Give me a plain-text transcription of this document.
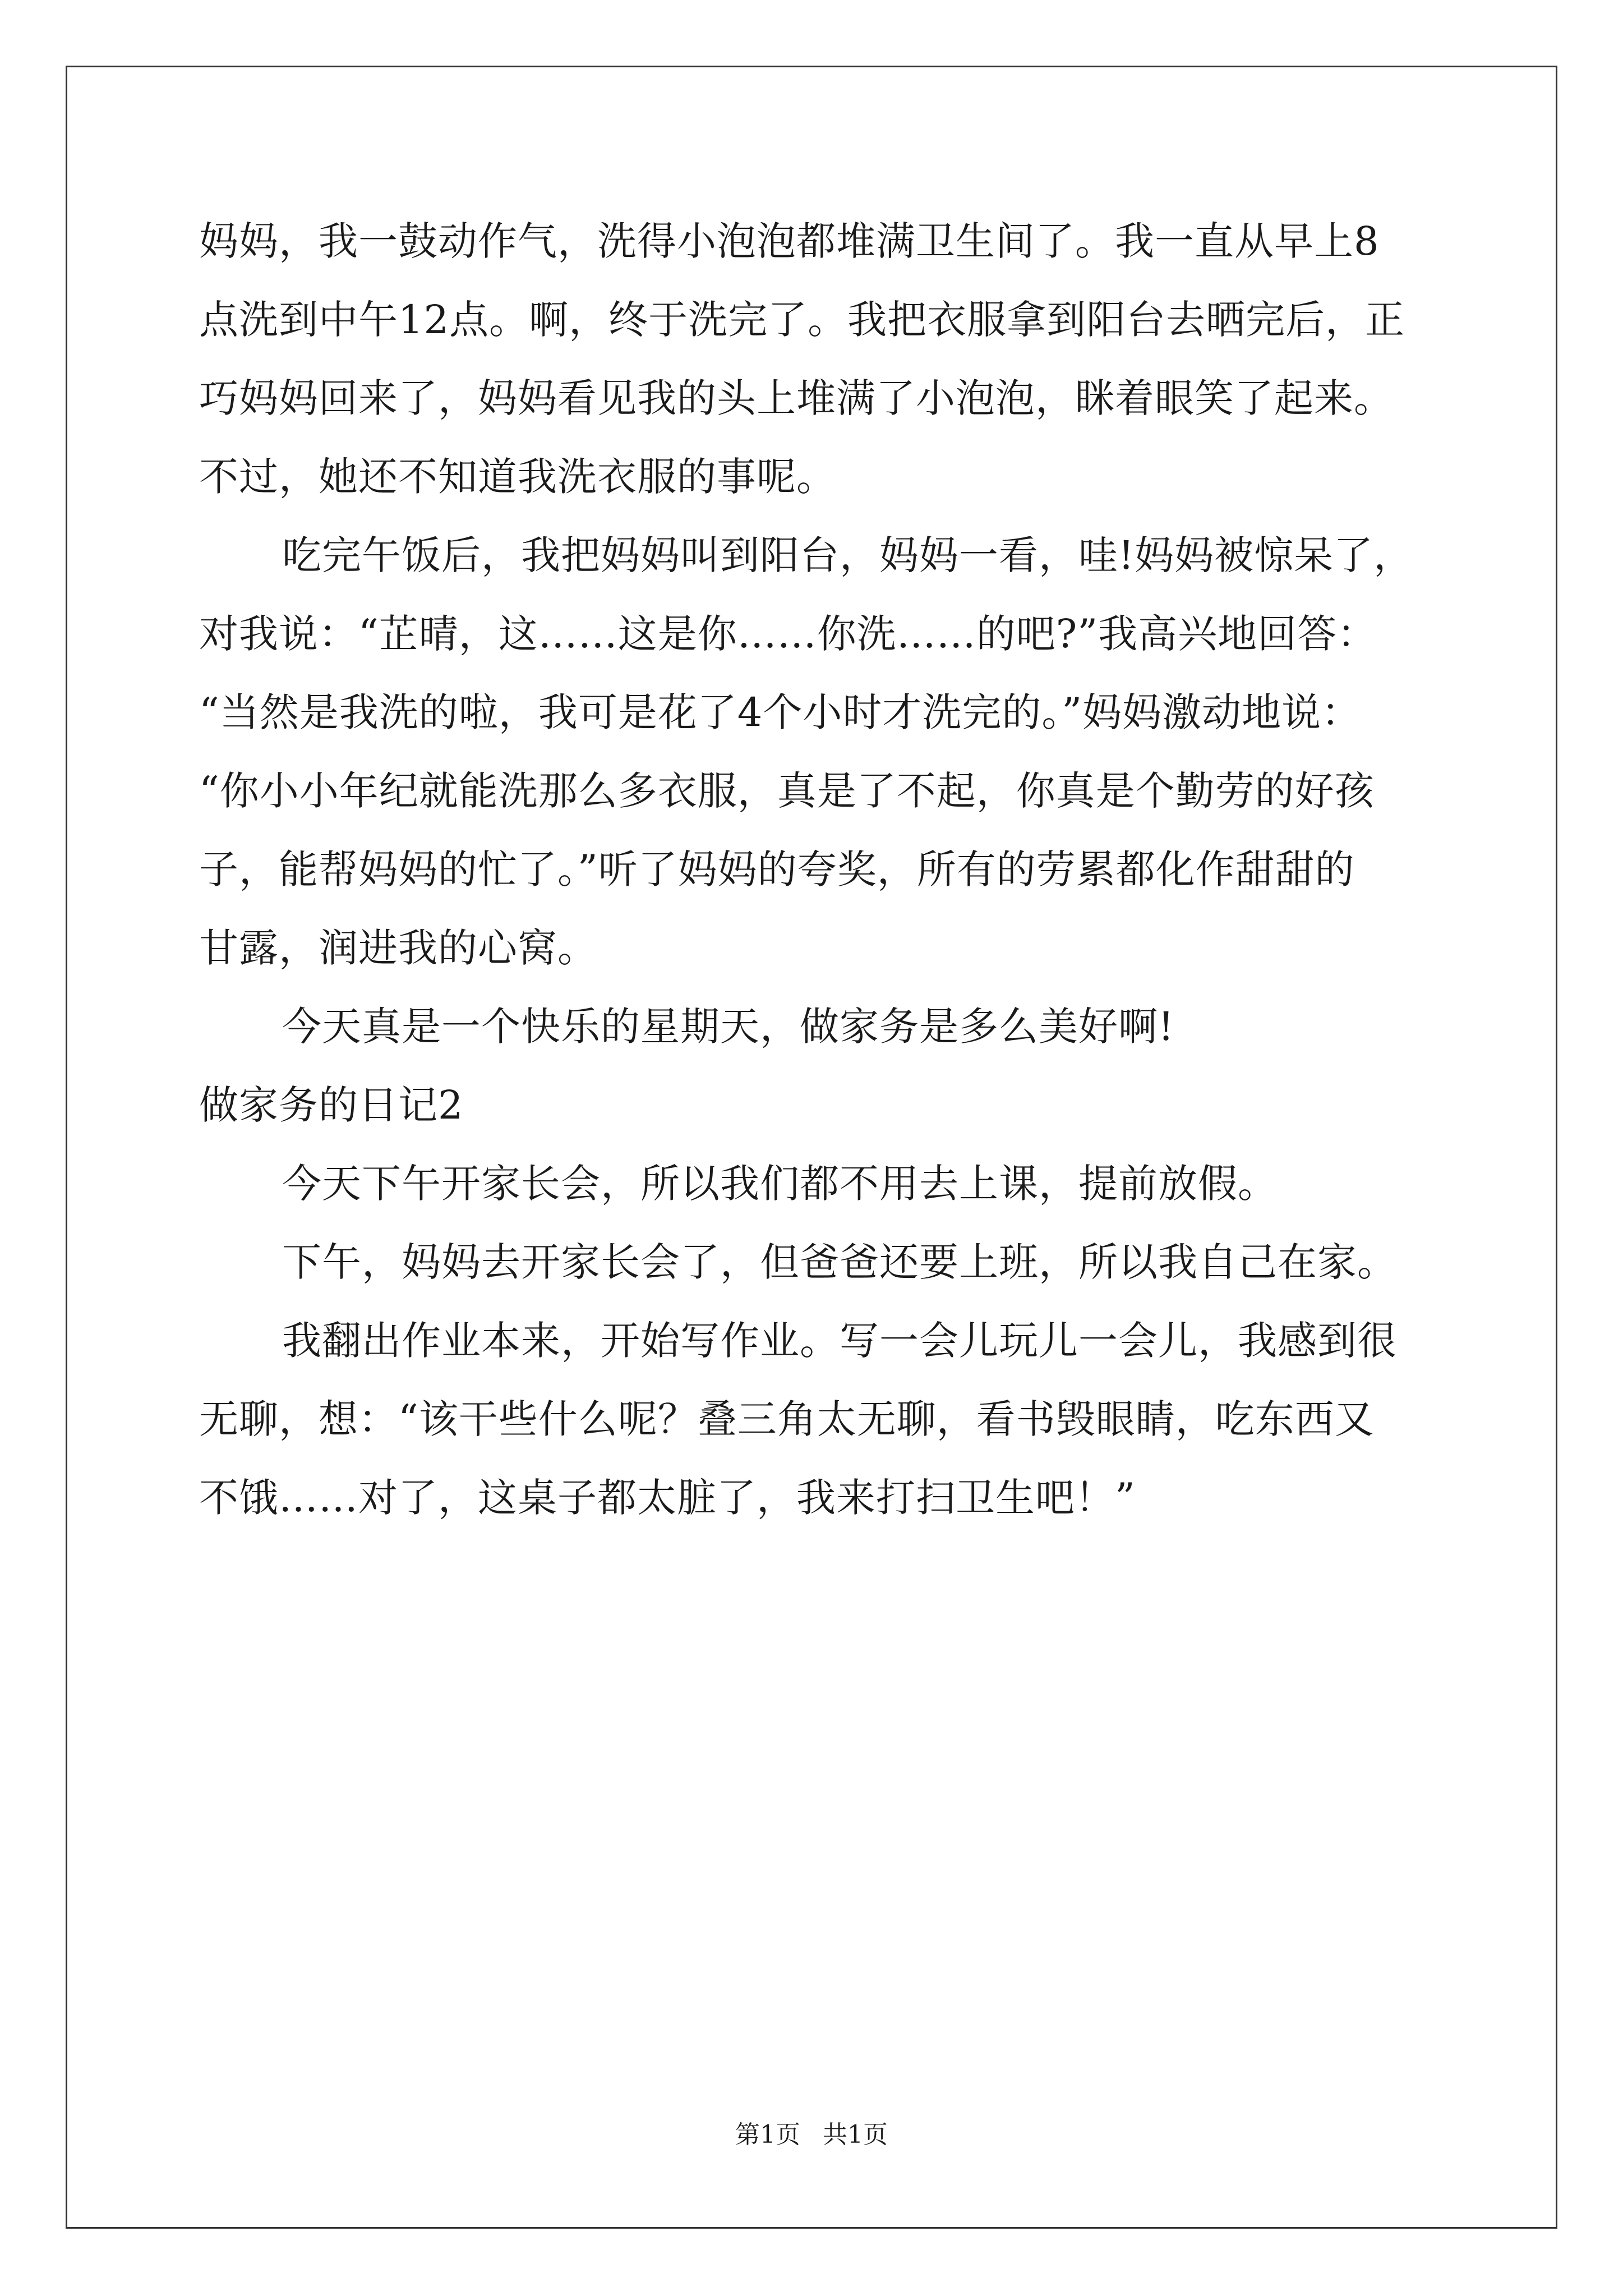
妈妈，我一鼓动作气，洗得小泡泡都堆满卫生间了。我一直从早上8
点洗到中午12点。啊，终于洗完了。我把衣服拿到阳台去晒完后，正
巧妈妈回来了，妈妈看见我的头上堆满了小泡泡，眯着眼笑了起来。
不过，她还不知道我洗衣服的事呢。
吃完午饭后，我把妈妈叫到阳台，妈妈一看，哇!妈妈被惊呆了，
对我说：“芷晴，这……这是你……你洗……的吧?”我高兴地回答：
“当然是我洗的啦，我可是花了4个小时才洗完的。”妈妈激动地说：
“你小小年纪就能洗那么多衣服，真是了不起，你真是个勤劳的好孩
子，能帮妈妈的忙了。”听了妈妈的夸奖，所有的劳累都化作甜甜的
甘露，润进我的心窝。
今天真是一个快乐的星期天，做家务是多么美好啊!
做家务的日记2
今天下午开家长会，所以我们都不用去上课，提前放假。
下午，妈妈去开家长会了，但爸爸还要上班，所以我自己在家。
我翻出作业本来，开始写作业。写一会儿玩儿一会儿，我感到很
无聊，想：“该干些什么呢？叠三角太无聊，看书毁眼睛，吃东西又
不饿……对了，这桌子都太脏了，我来打扫卫生吧！”
第1页 共1页
